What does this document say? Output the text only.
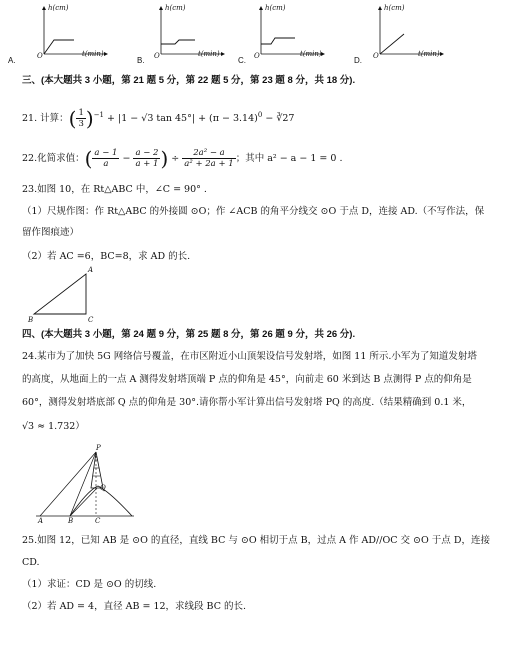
h(cm)
t(min)
O
A.
h(cm)
t(min)
O
B.
h(cm)
t(min)
O
C.
h(cm)
t(min)
O
D.
三、(本大题共 3 小题，第 21 题 5 分，第 22 题 5 分，第 23 题 8 分，共 18 分).
21. 计算：( $\frac{1}{3} )^{-1} + |1 - √3$ $\tan 45^\circ| + (\pi - 3.14)^0$ − ∛27
22.化简求值：( $\frac{a - 1}{a} - \frac{a - 2}{a + 1}$ ) ÷ $\frac{\text{2a² − a}}{\text{a² + 2a + 1}}$ ；其中 a² − a − 1 = 0 .
23.如图 10，在 Rt△ABC 中，∠C = 90° .
（1）尺规作图：作 Rt△ABC 的外接圆 ⊙O；作 ∠ACB 的角平分线交 ⊙O 于点 D，连接 AD.（不写作法，保
留作图痕迹）
（2）若 AC =6，BC=8，求 AD 的长.
A
B	C
四、(本大题共 3 小题，第 24 题 9 分，第 25 题 8 分，第 26 题 9 分，共 26 分).
24.某市为了加快 5G 网络信号覆盖，在市区附近小山顶架设信号发射塔，如图 11 所示.小军为了知道发射塔
的高度，从地面上的一点 A 测得发射塔顶端 P 点的仰角是 45°，向前走 60 米到达 B 点测得 P 点的仰角是
60°，测得发射塔底部 Q 点的仰角是 30°.请你帮小军计算出信号发射塔 PQ 的高度.（结果精确到 0.1 米，
√3 ≈ 1.732）
P
Q
A	B	C
25.如图 12，已知 AB 是 ⊙O 的直径，直线 BC 与 ⊙O 相切于点 B，过点 A 作 AD//OC 交 ⊙O 于点 D，连接
CD.
（1）求证：CD 是 ⊙O 的切线.
（2）若 AD = 4，直径 AB = 12，求线段 BC 的长.
